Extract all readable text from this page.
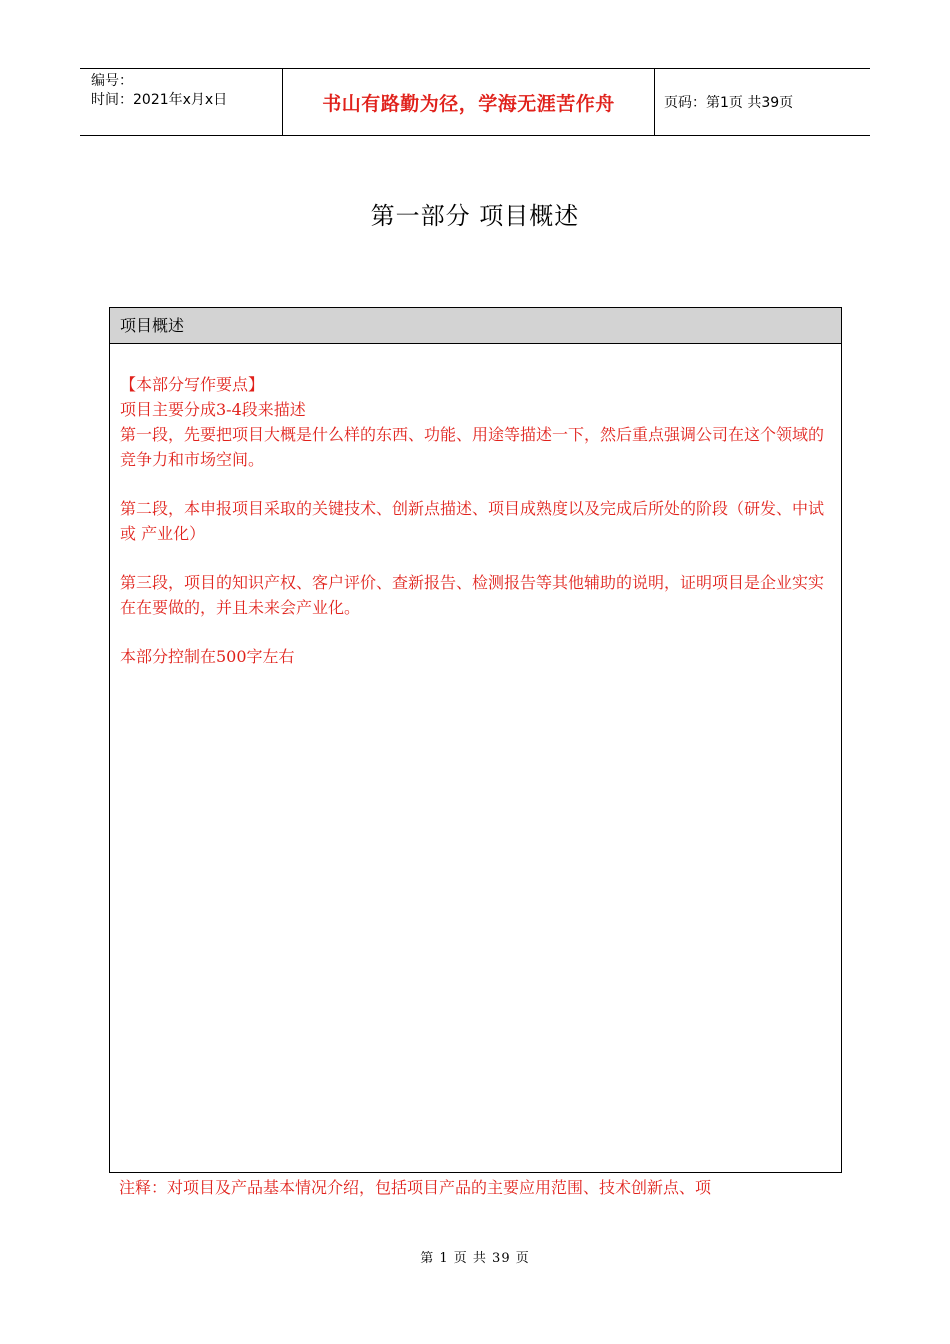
编号：
时间：2021年x月x日	书山有路勤为径，学海无涯苦作舟	页码：第1页 共39页
第一部分 项目概述
项目概述

【本部分写作要点】

项目主要分成3-4段来描述

第一段，先要把项目大概是什么样的东西、功能、用途等描述一下，然后重点强调公司在这个领域的竞争力和市场空间。

第二段，本申报项目采取的关键技术、创新点描述、项目成熟度以及完成后所处的阶段（研发、中试 或 产业化）

第三段，项目的知识产权、客户评价、查新报告、检测报告等其他辅助的说明，证明项目是企业实实在在要做的，并且未来会产业化。

本部分控制在500字左右

注释：对项目及产品基本情况介绍，包括项目产品的主要应用范围、技术创新点、项
第 1 页 共 39 页
